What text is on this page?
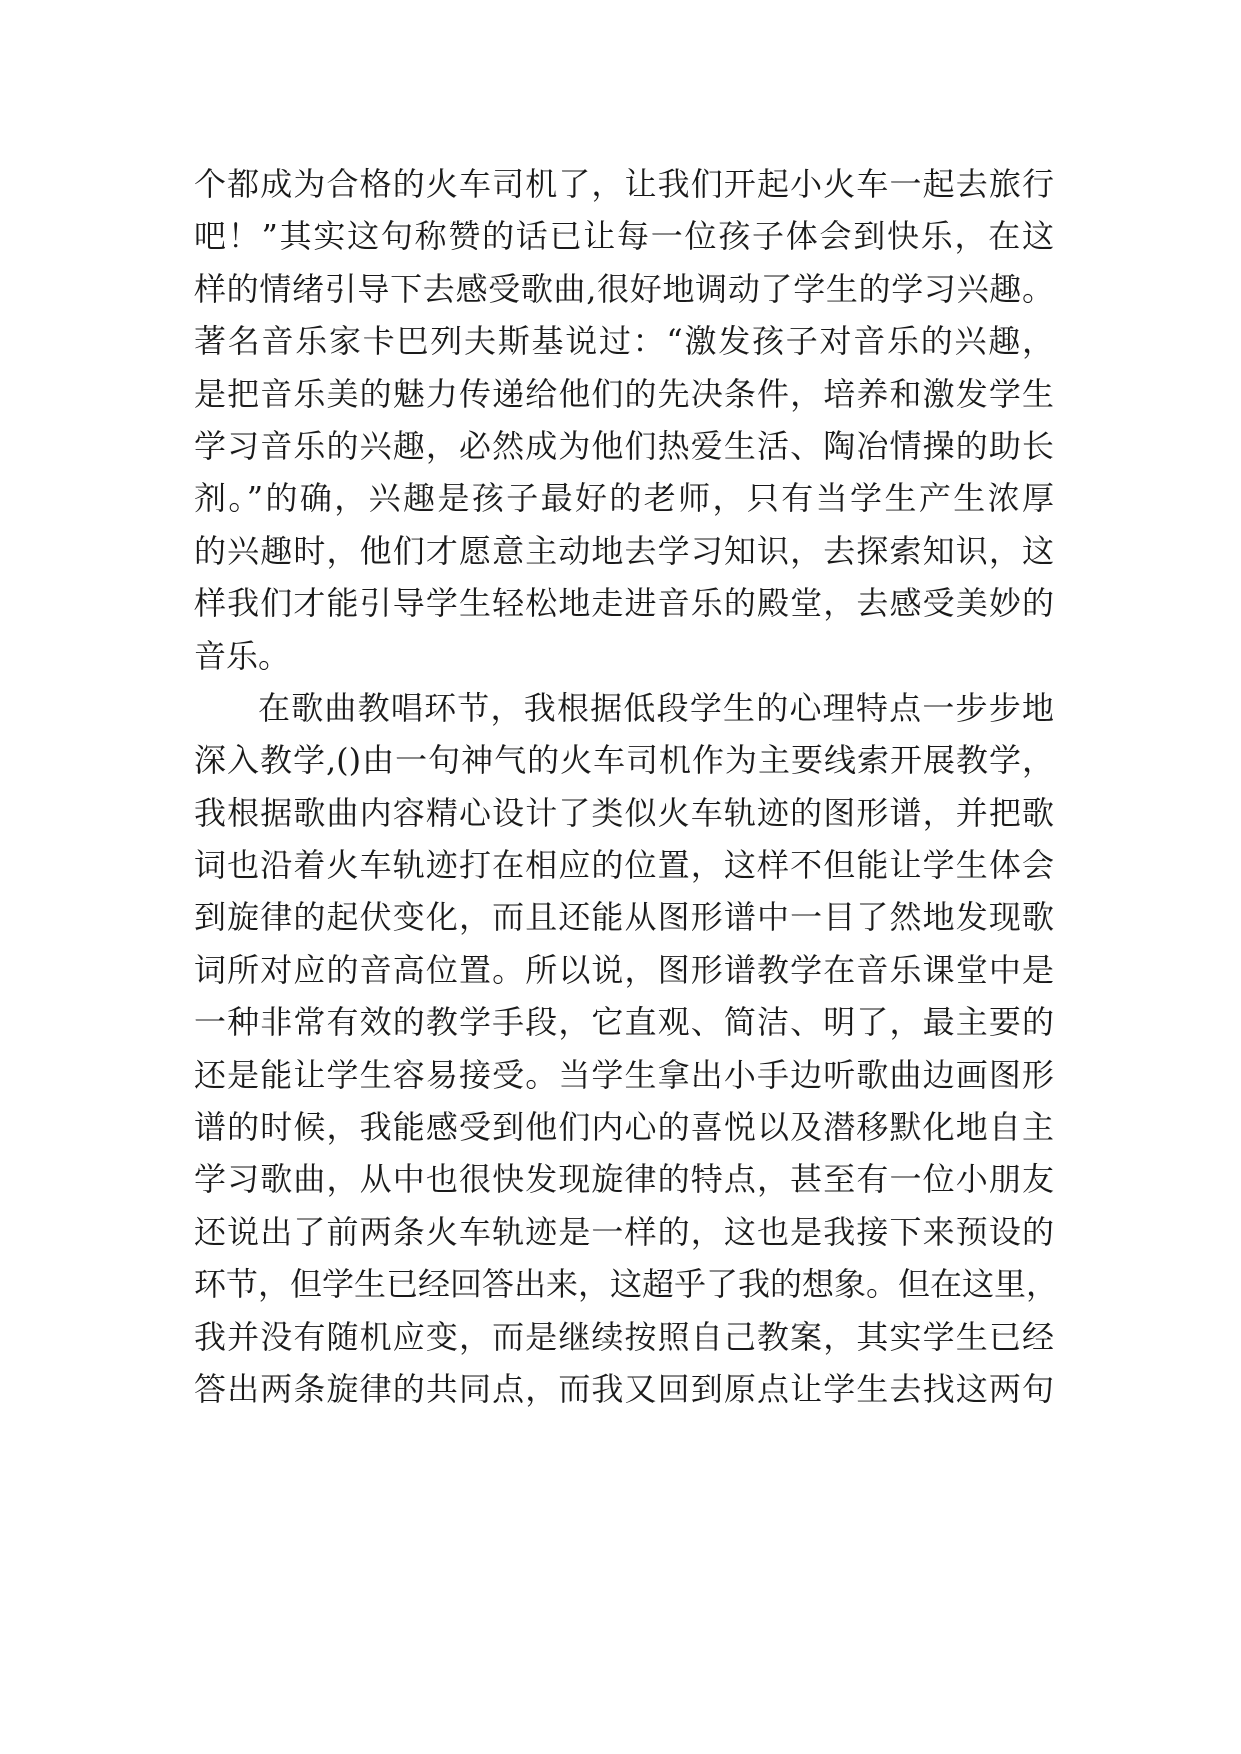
个都成为合格的火车司机了，让我们开起小火车一起去旅行
吧！”其实这句称赞的话已让每一位孩子体会到快乐，在这
样的情绪引导下去感受歌曲,很好地调动了学生的学习兴趣。
著名音乐家卡巴列夫斯基说过：“激发孩子对音乐的兴趣，
是把音乐美的魅力传递给他们的先决条件，培养和激发学生
学习音乐的兴趣，必然成为他们热爱生活、陶冶情操的助长
剂。”的确，兴趣是孩子最好的老师，只有当学生产生浓厚
的兴趣时，他们才愿意主动地去学习知识，去探索知识，这
样我们才能引导学生轻松地走进音乐的殿堂，去感受美妙的
音乐。
在歌曲教唱环节，我根据低段学生的心理特点一步步地
深入教学,()由一句神气的火车司机作为主要线索开展教学，
我根据歌曲内容精心设计了类似火车轨迹的图形谱，并把歌
词也沿着火车轨迹打在相应的位置，这样不但能让学生体会
到旋律的起伏变化，而且还能从图形谱中一目了然地发现歌
词所对应的音高位置。所以说，图形谱教学在音乐课堂中是
一种非常有效的教学手段，它直观、简洁、明了，最主要的
还是能让学生容易接受。当学生拿出小手边听歌曲边画图形
谱的时候，我能感受到他们内心的喜悦以及潜移默化地自主
学习歌曲，从中也很快发现旋律的特点，甚至有一位小朋友
还说出了前两条火车轨迹是一样的，这也是我接下来预设的
环节，但学生已经回答出来，这超乎了我的想象。但在这里，
我并没有随机应变，而是继续按照自己教案，其实学生已经
答出两条旋律的共同点，而我又回到原点让学生去找这两句
